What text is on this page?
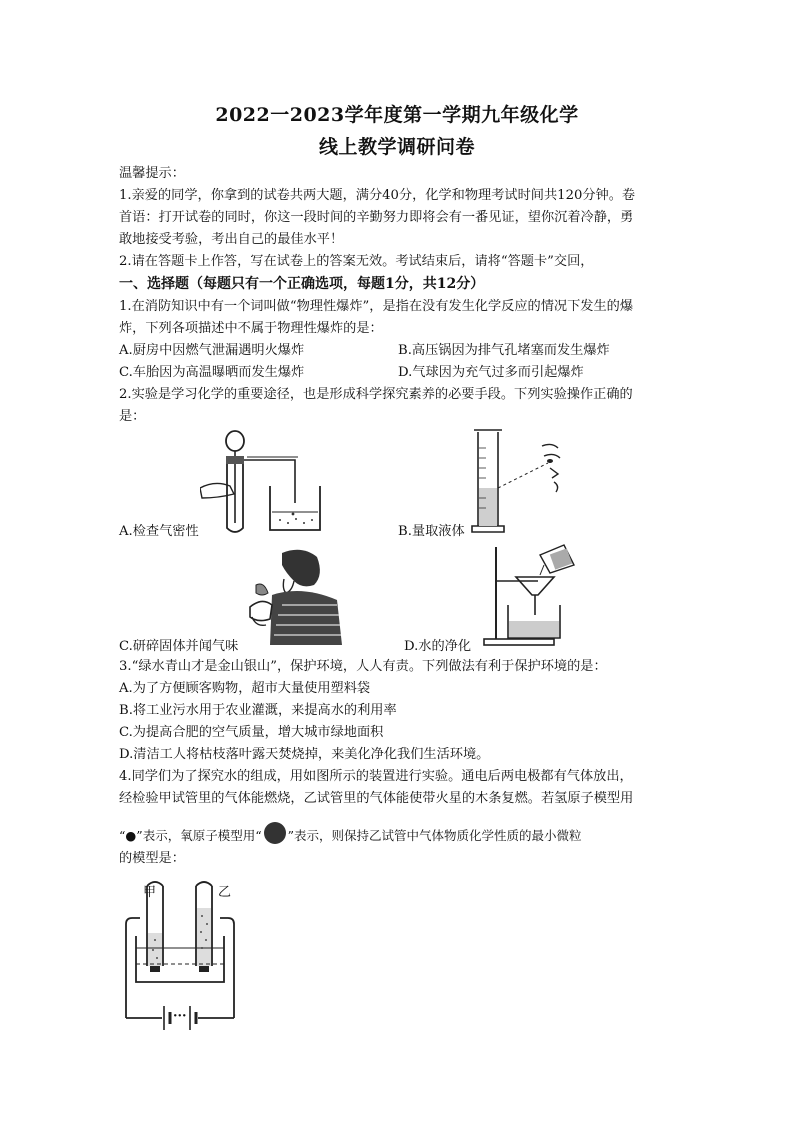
2022一2023学年度第一学期九年级化学
线上教学调研问卷
温馨提示：
1.亲爱的同学，你拿到的试卷共两大题，满分40分，化学和物理考试时间共120分钟。卷
首语：打开试卷的同时，你这一段时间的辛勤努力即将会有一番见证，望你沉着冷静，勇
敢地接受考验，考出自己的最佳水平！
2.请在答题卡上作答，写在试卷上的答案无效。考试结束后，请将“答题卡”交回，
一、选择题（每题只有一个正确选项，每题1分，共12分）
1.在消防知识中有一个词叫做“物理性爆炸”，是指在没有发生化学反应的情况下发生的爆
炸，下列各项描述中不属于物理性爆炸的是：
A.厨房中因燃气泄漏遇明火爆炸	B.高压锅因为排气孔堵塞而发生爆炸
C.车胎因为高温曝晒而发生爆炸	D.气球因为充气过多而引起爆炸
2.实验是学习化学的重要途径，也是形成科学探究素养的必要手段。下列实验操作正确的
是：
A.检查气密性	B.量取液体
C.研碎固体并闻气味	D.水的净化
3.“绿水青山才是金山银山”，保护环境，人人有责。下列做法有利于保护环境的是：
A.为了方便顾客购物，超市大量使用塑料袋
B.将工业污水用于农业灌溉，来提高水的利用率
C.为提高合肥的空气质量，增大城市绿地面积
D.清洁工人将枯枝落叶露天焚烧掉，来美化净化我们生活环境。
4.同学们为了探究水的组成，用如图所示的装置进行实验。通电后两电极都有气体放出，
经检验甲试管里的气体能燃烧，乙试管里的气体能使带火星的木条复燃。若氢原子模型用
“●”表示，氧原子模型用“ ”表示，则保持乙试管中气体物质化学性质的最小微粒
的模型是：
甲	乙
···
